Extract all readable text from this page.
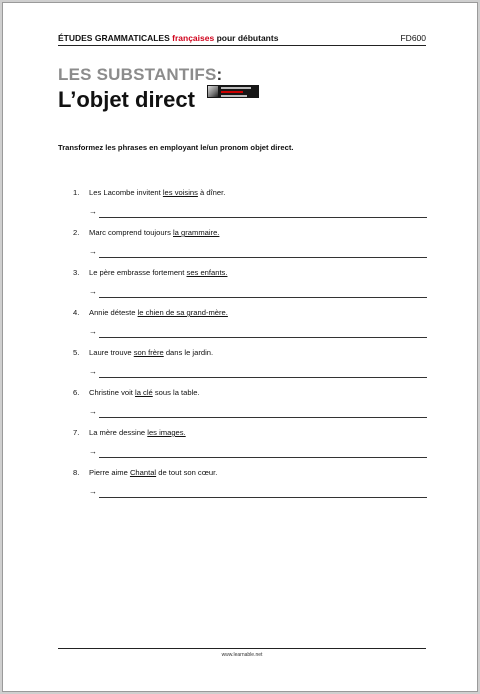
ÉTUDES GRAMMATICALES françaises pour débutants	FD600
LES SUBSTANTIFS:
L’objet direct
Transformez les phrases en employant le/un pronom objet direct.
1. Les Lacombe invitent les voisins à dîner.
→
2. Marc comprend toujours la grammaire.
→
3. Le père embrasse fortement ses enfants.
→
4. Annie déteste le chien de sa grand-mère.
→
5. Laure trouve son frère dans le jardin.
→
6. Christine voit la clé sous la table.
→
7. La mère dessine les images.
→
8. Pierre aime Chantal de tout son cœur.
→
www.learnable.net
